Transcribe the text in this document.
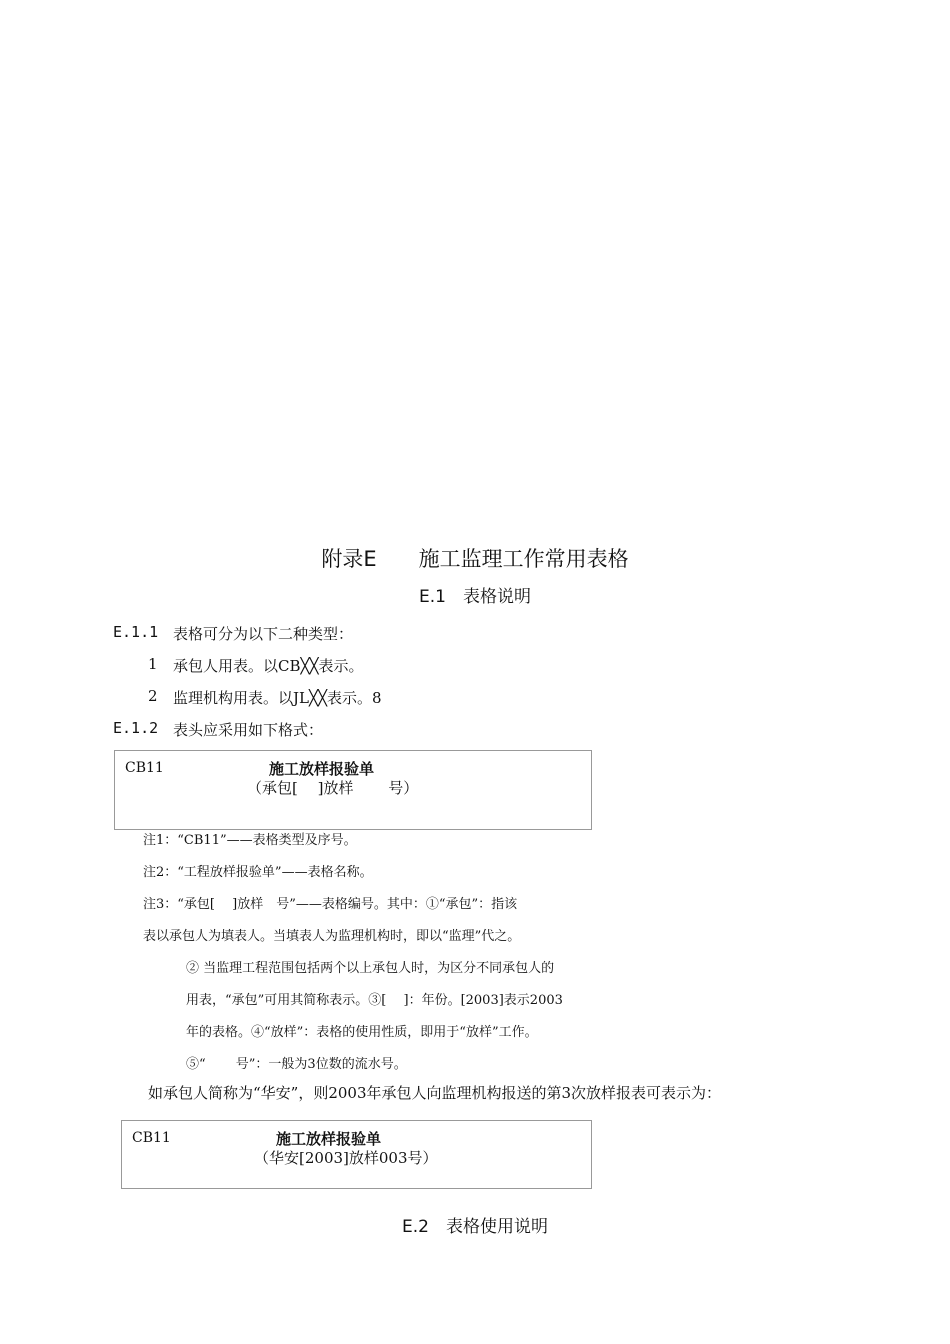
附录E　　施工监理工作常用表格
E.1　表格说明
E.1.1 表格可分为以下二种类型：
1 承包人用表。以CB╳╳表示。
2 监理机构用表。以JL╳╳表示。8
E.1.2 表头应采用如下格式：
CB11	施工放样报验单
（承包[　 ]放样　　 号）
注1：“CB11”——表格类型及序号。
注2：“工程放样报验单”——表格名称。
注3：“承包[　 ]放样　号”——表格编号。其中：①“承包”：指该
表以承包人为填表人。当填表人为监理机构时，即以“监理”代之。
② 当监理工程范围包括两个以上承包人时，为区分不同承包人的
用表，“承包”可用其简称表示。③[　 ]：年份。[2003]表示2003
年的表格。④“放样”：表格的使用性质，即用于“放样”工作。
⑤“　　 号”：一般为3位数的流水号。
如承包人简称为“华安”，则2003年承包人向监理机构报送的第3次放样报表可表示为：
CB11	施工放样报验单
（华安[2003]放样003号）
E.2　表格使用说明
